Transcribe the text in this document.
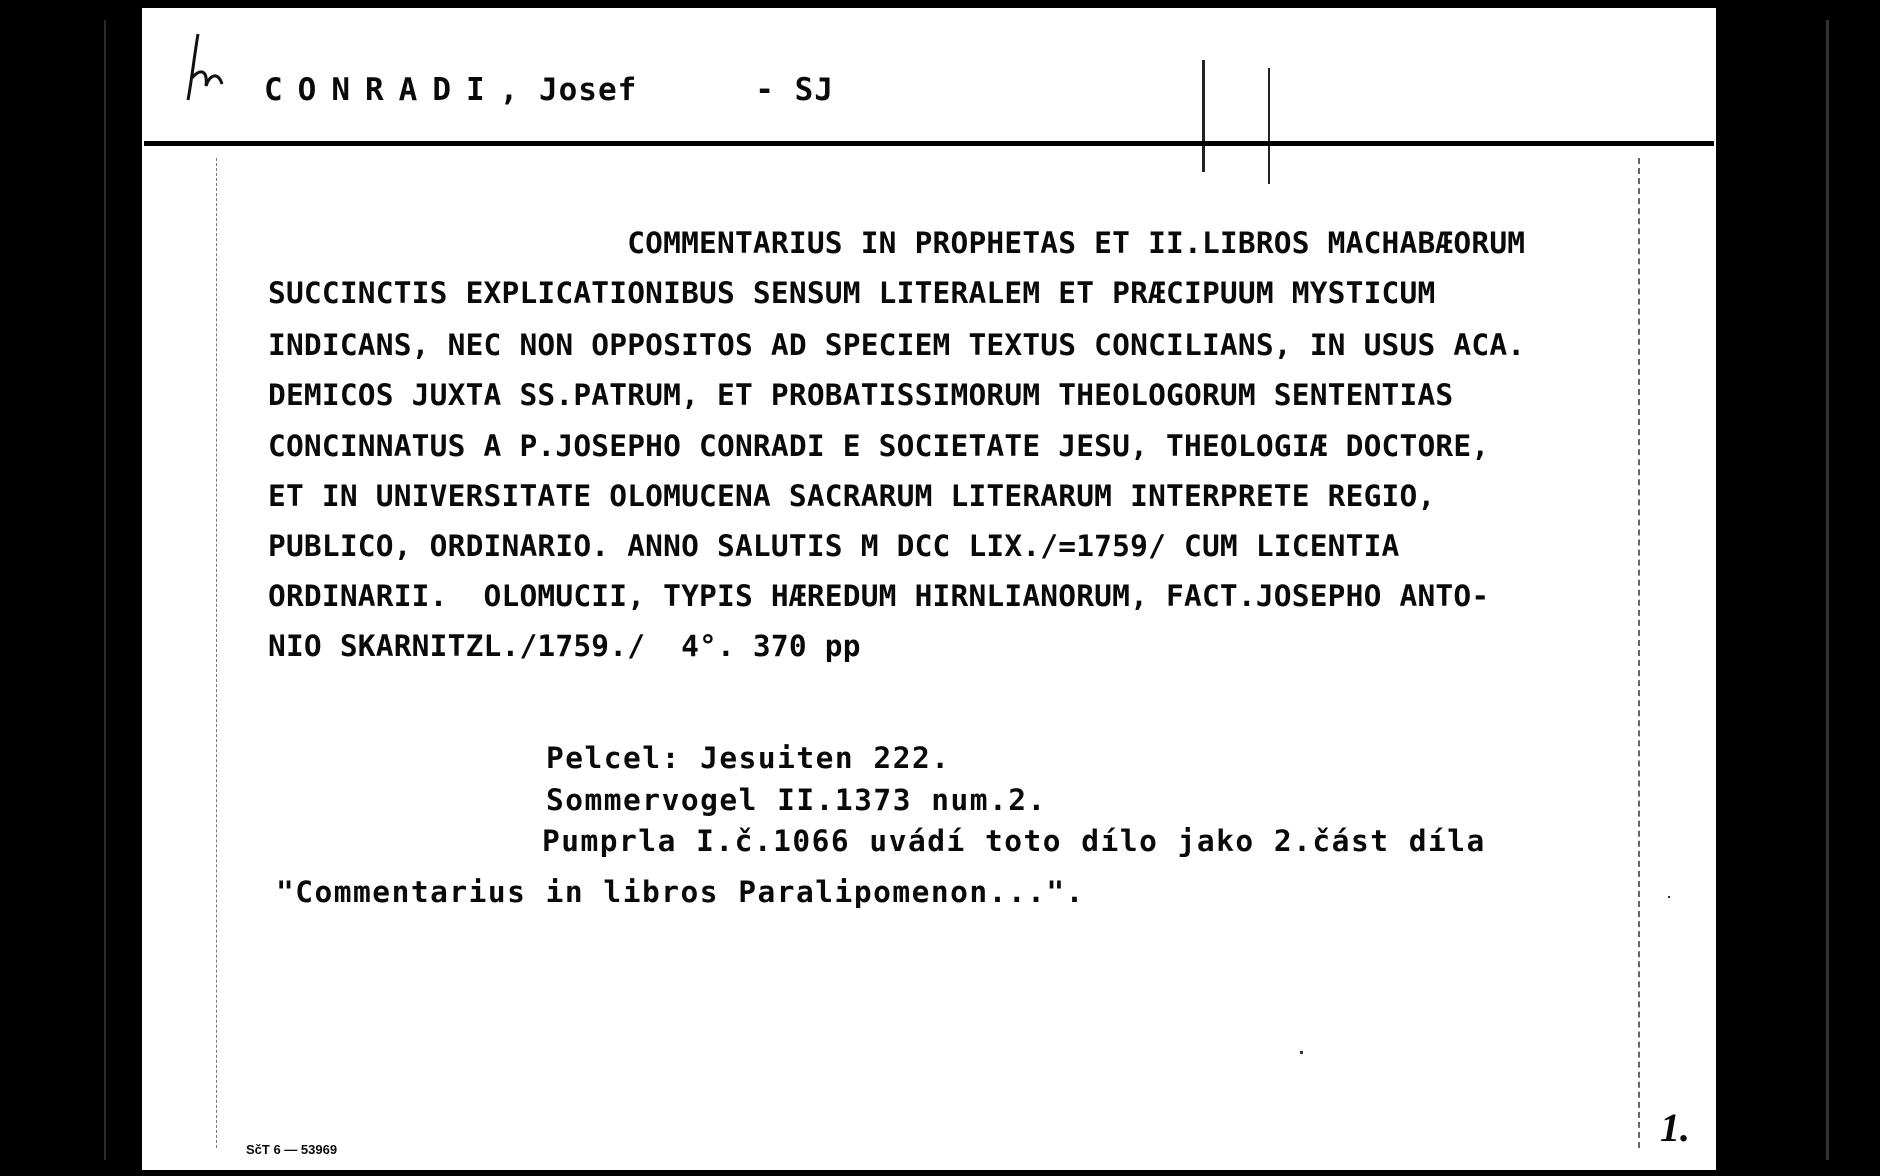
CONRADI, Josef	- SJ
COMMENTARIUS IN PROPHETAS ET II.LIBROS MACHABÆORUM
SUCCINCTIS EXPLICATIONIBUS SENSUM LITERALEM ET PRÆCIPUUM MYSTICUM
INDICANS, NEC NON OPPOSITOS AD SPECIEM TEXTUS CONCILIANS, IN USUS ACA.
DEMICOS JUXTA SS.PATRUM, ET PROBATISSIMORUM THEOLOGORUM SENTENTIAS
CONCINNATUS A P.JOSEPHO CONRADI E SOCIETATE JESU, THEOLOGIÆ DOCTORE,
ET IN UNIVERSITATE OLOMUCENA SACRARUM LITERARUM INTERPRETE REGIO,
PUBLICO, ORDINARIO. ANNO SALUTIS M DCC LIX./=1759/ CUM LICENTIA
ORDINARII.  OLOMUCII, TYPIS HÆREDUM HIRNLIANORUM, FACT.JOSEPHO ANTO-
NIO SKARNITZL./1759./  4°. 370 pp
Pelcel: Jesuiten 222.
Sommervogel II.1373 num.2.
Pumprla I.č.1066 uvádí toto dílo jako 2.část díla
"Commentarius in libros Paralipomenon...".
SčT 6 — 53969	1.
